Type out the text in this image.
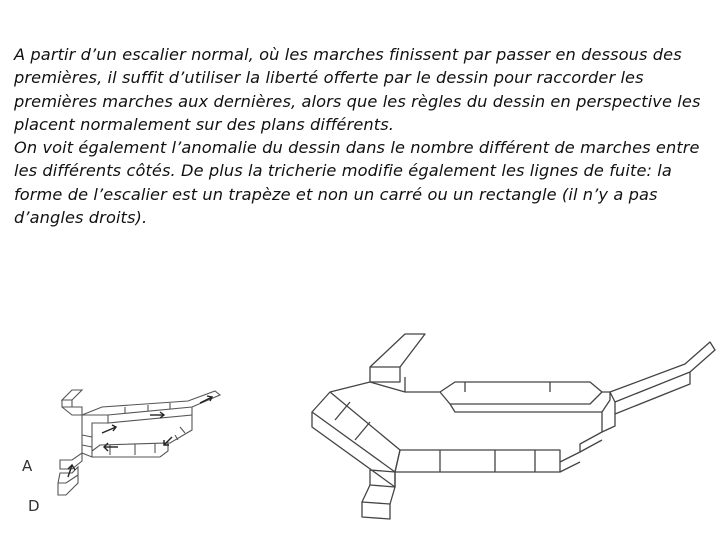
A partir d’un escalier normal, où les marches finissent par passer en dessous des premières, il suffit d’utiliser la liberté offerte par le dessin pour raccorder les premières marches aux dernières, alors que les règles du dessin en perspective les placent normalement sur des plans différents.

On voit également l’anomalie du dessin dans le nombre différent de marches entre les différents côtés. De plus la tricherie modifie également les lignes de fuite: la forme de l’escalier est un trapèze et non un carré ou un rectangle (il n’y a pas d’angles droits).

A
D
